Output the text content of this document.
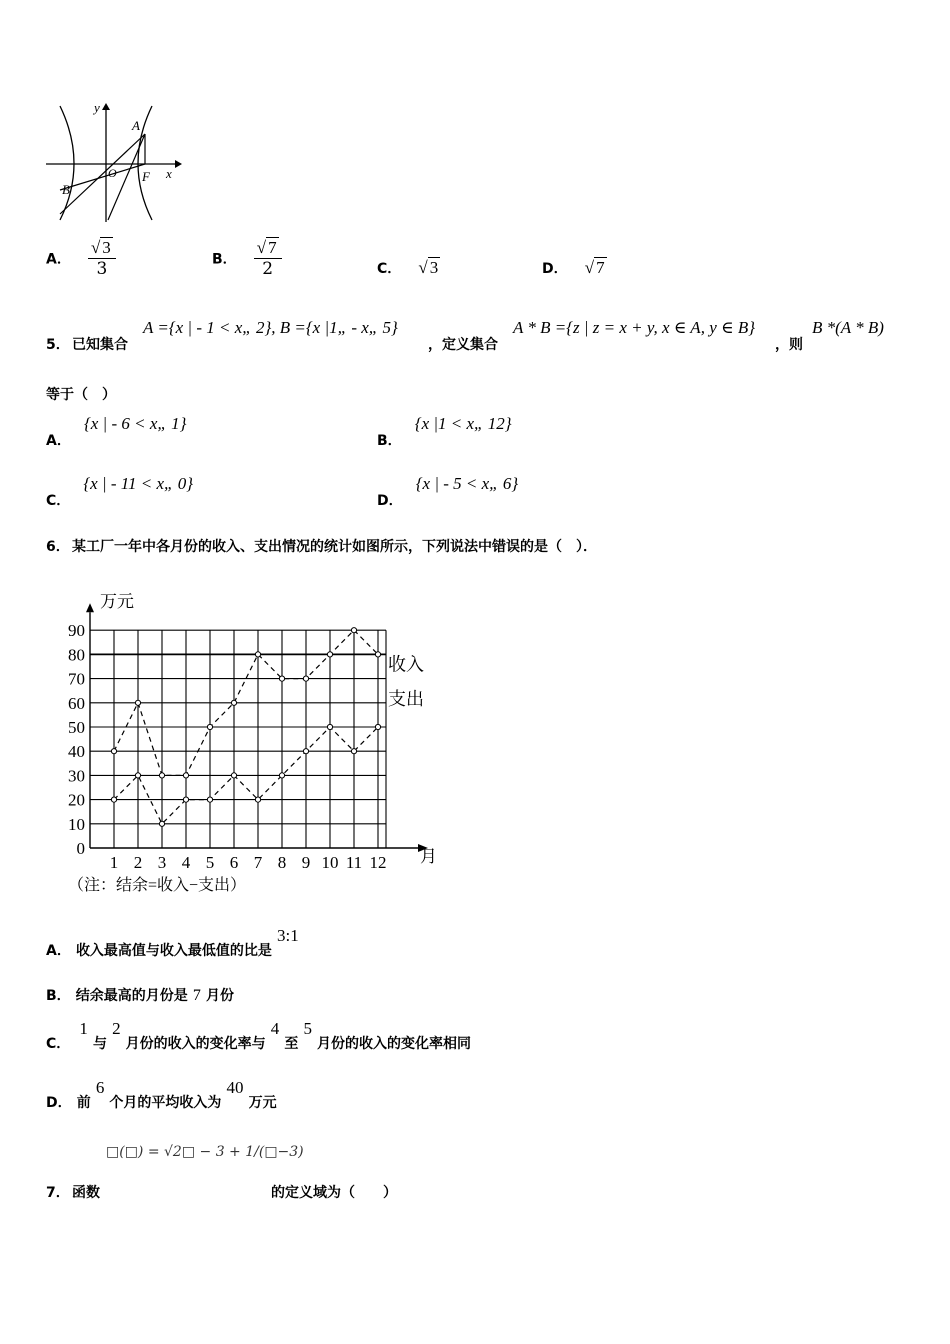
y
x
A
B
O F
A． $\frac{√ 3}{3}$	B． $\frac{√ 7}{2}$	C． √ 3	D． √ 7
5． 已知集合
A ={x | - 1 < x„ 2}, B ={x |1„ - x„ 5}
，定义集合
A * B ={z | z = x + y, x ∈ A, y ∈ B}
，则
B *(A * B)
等于（　）
A． {x | - 6 < x„ 1}
B． {x |1 < x„ 12}
C． {x | - 11 < x„ 0}
D． {x | - 5 < x„ 6}
6． 某工厂一年中各月份的收入、支出情况的统计如图所示，下列说法中错误的是（　）．
0
10
20
30
40
50
60
70
80
90
1 2 3 4 5 6 7 8 9 10 11 12
收入
支出
万元
月
（注：结余=收入−支出）
A． 收入最高值与收入最低值的比是 3:1
B． 结余最高的月份是 7 月份
C． 1 与 2 月份的收入的变化率与 4 至 5 月份的收入的变化率相同
D． 前 6 个月的平均收入为 40 万元
□(□) = √2□ − 3 + 1/(□−3)
7． 函数	的定义域为（　　）
